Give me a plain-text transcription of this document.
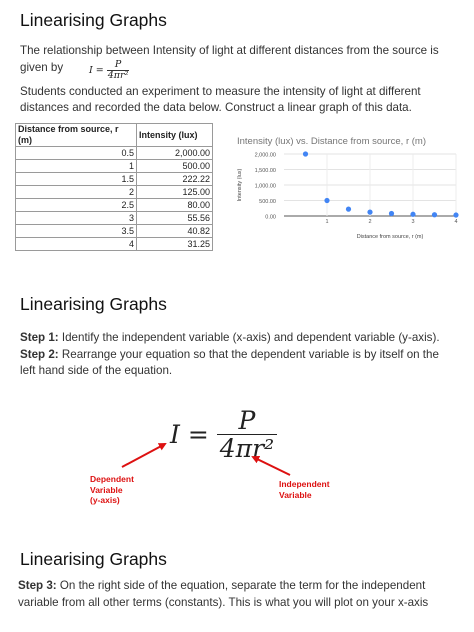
Linearising Graphs

The relationship between Intensity of light at different distances from the source is

given by	$I = \frac{P}{\text{4πr²}}$

Students conducted an experiment to measure the intensity of light at different

distances and recorded the data below. Construct a linear graph of this data.

Distance from source, r (m)	Intensity (lux)
0.5	2,000.00
1	500.00
1.5	222.22
2	125.00
2.5	80.00
3	55.56
3.5	40.82
4	31.25
Intensity (lux) vs. Distance from source, r (m)
0.00
500.00
1,000.00
1,500.00
2,000.00
1	2	3	4
Distance from source, r (m)
Intensity (lux)
Linearising Graphs

Step 1: Identify the independent variable (x-axis) and dependent variable (y-axis).

Step 2: Rearrange your equation so that the dependent variable is by itself on the

left hand side of the equation.

$I = \frac{P}{\text{4πr²}}$
Dependent
Variable
(y-axis)
Independent
Variable
Linearising Graphs

Step 3: On the right side of the equation, separate the term for the independent

variable from all other terms (constants). This is what you will plot on your x-axis
